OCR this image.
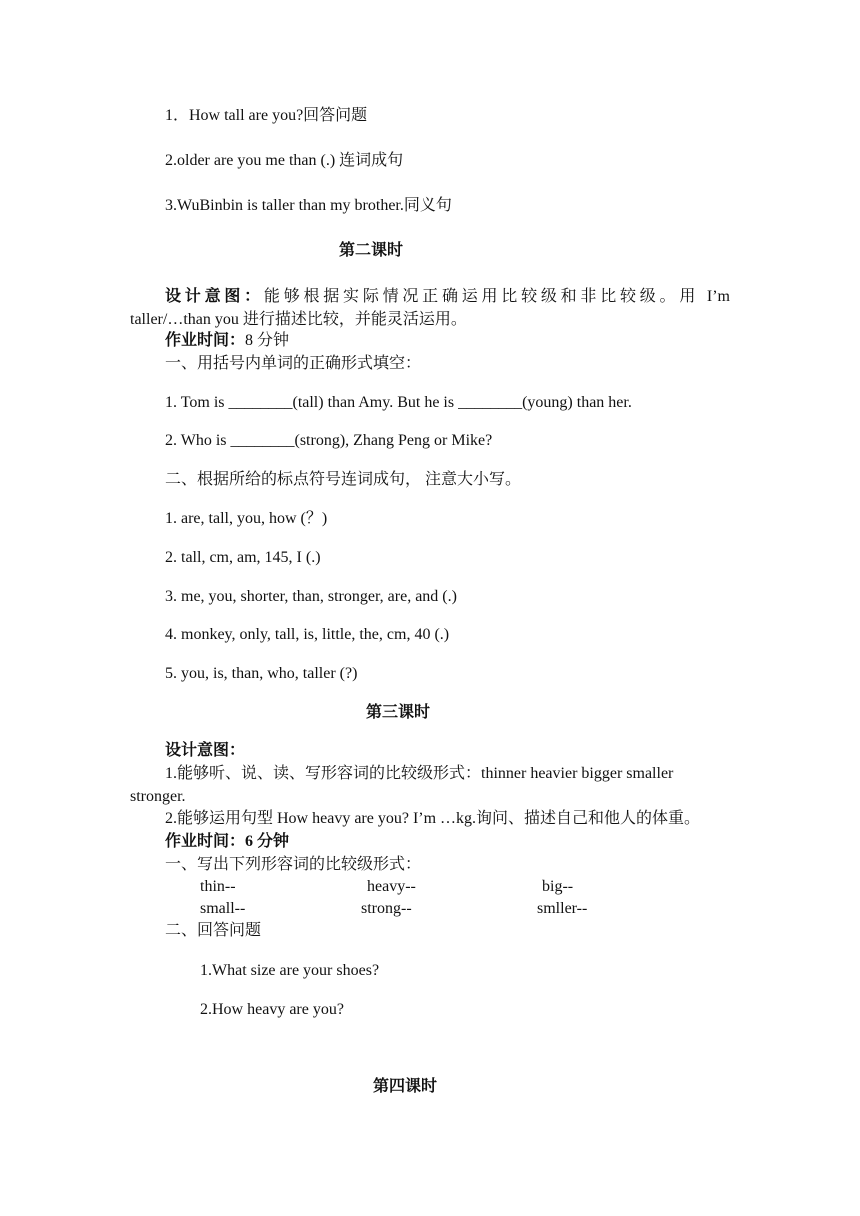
1．How tall are you?回答问题
2.older are you me than (.) 连词成句
3.WuBinbin is taller than my brother.同义句
第二课时
设计意图：能够根据实际情况正确运用比较级和非比较级。用 I’m
taller/…than you 进行描述比较，并能灵活运用。
作业时间：8 分钟
一、用括号内单词的正确形式填空：
1. Tom is ________(tall) than Amy. But he is ________(young) than her.
2. Who is ________(strong), Zhang Peng or Mike?
二、根据所给的标点符号连词成句， 注意大小写。
1. are, tall, you, how (？)
2. tall, cm, am, 145, I (.)
3. me, you, shorter, than, stronger, are, and (.)
4. monkey, only, tall, is, little, the, cm, 40 (.)
5. you, is, than, who, taller (?)
第三课时
设计意图：
1.能够听、说、读、写形容词的比较级形式：thinner heavier bigger smaller
stronger.
2.能够运用句型 How heavy are you? I’m …kg.询问、描述自己和他人的体重。
作业时间：6 分钟
一、写出下列形容词的比较级形式：
thin--	heavy--	big--
small--	strong--	smller--
二、回答问题
1.What size are your shoes?
2.How heavy are you?
第四课时
